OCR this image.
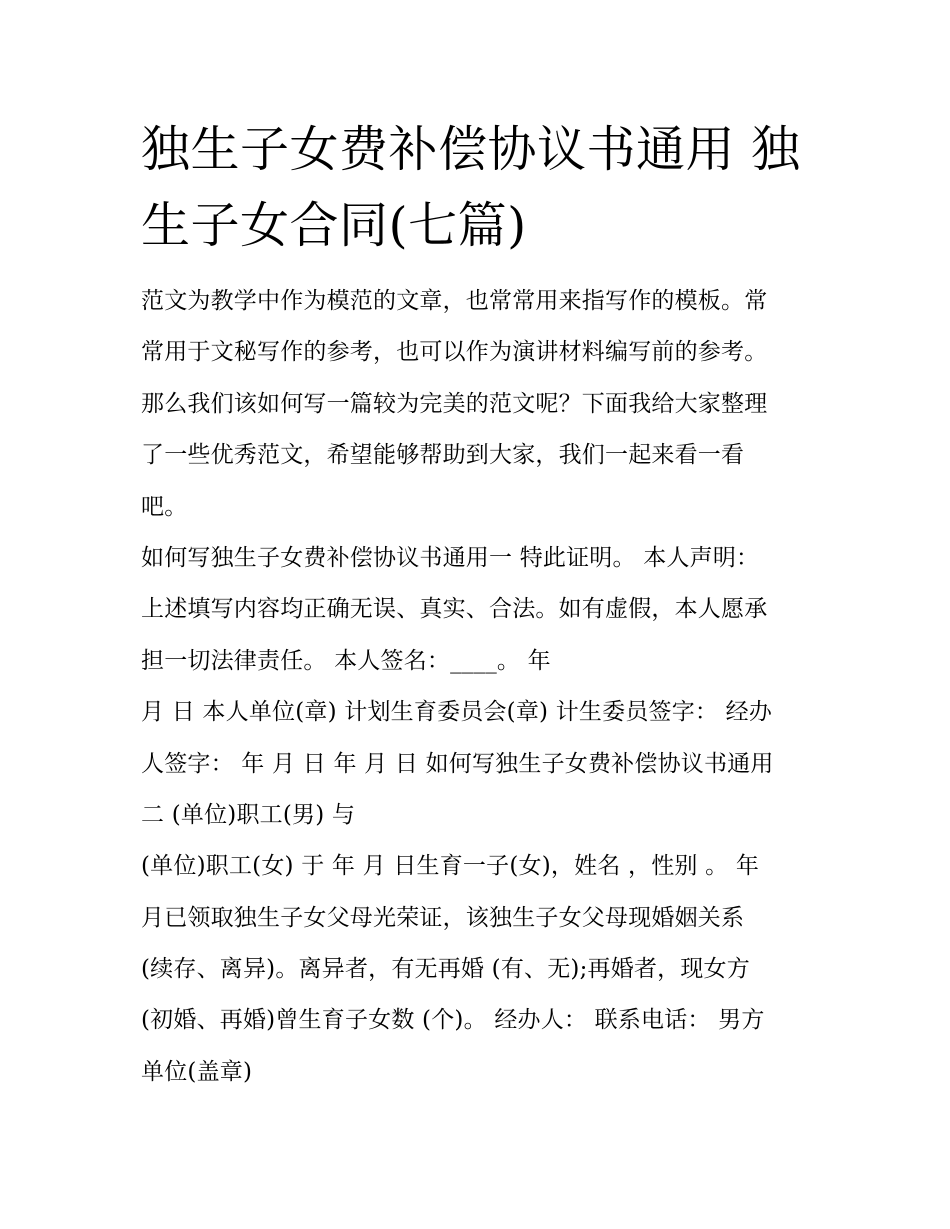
独生子女费补偿协议书通用 独
生子女合同(七篇)
范文为教学中作为模范的文章，也常常用来指写作的模板。常
常用于文秘写作的参考，也可以作为演讲材料编写前的参考。
那么我们该如何写一篇较为完美的范文呢？下面我给大家整理
了一些优秀范文，希望能够帮助到大家，我们一起来看一看
吧。
如何写独生子女费补偿协议书通用一 特此证明。 本人声明：
上述填写内容均正确无误、真实、合法。如有虚假，本人愿承
担一切法律责任。 本人签名：____。 年
月 日 本人单位(章) 计划生育委员会(章) 计生委员签字： 经办
人签字： 年 月 日 年 月 日 如何写独生子女费补偿协议书通用
二 (单位)职工(男) 与
(单位)职工(女) 于 年 月 日生育一子(女)，姓名 ，性别 。 年
月已领取独生子女父母光荣证，该独生子女父母现婚姻关系
(续存、离异)。离异者，有无再婚 (有、无);再婚者，现女方
(初婚、再婚)曾生育子女数 (个)。 经办人： 联系电话： 男方
单位(盖章)
